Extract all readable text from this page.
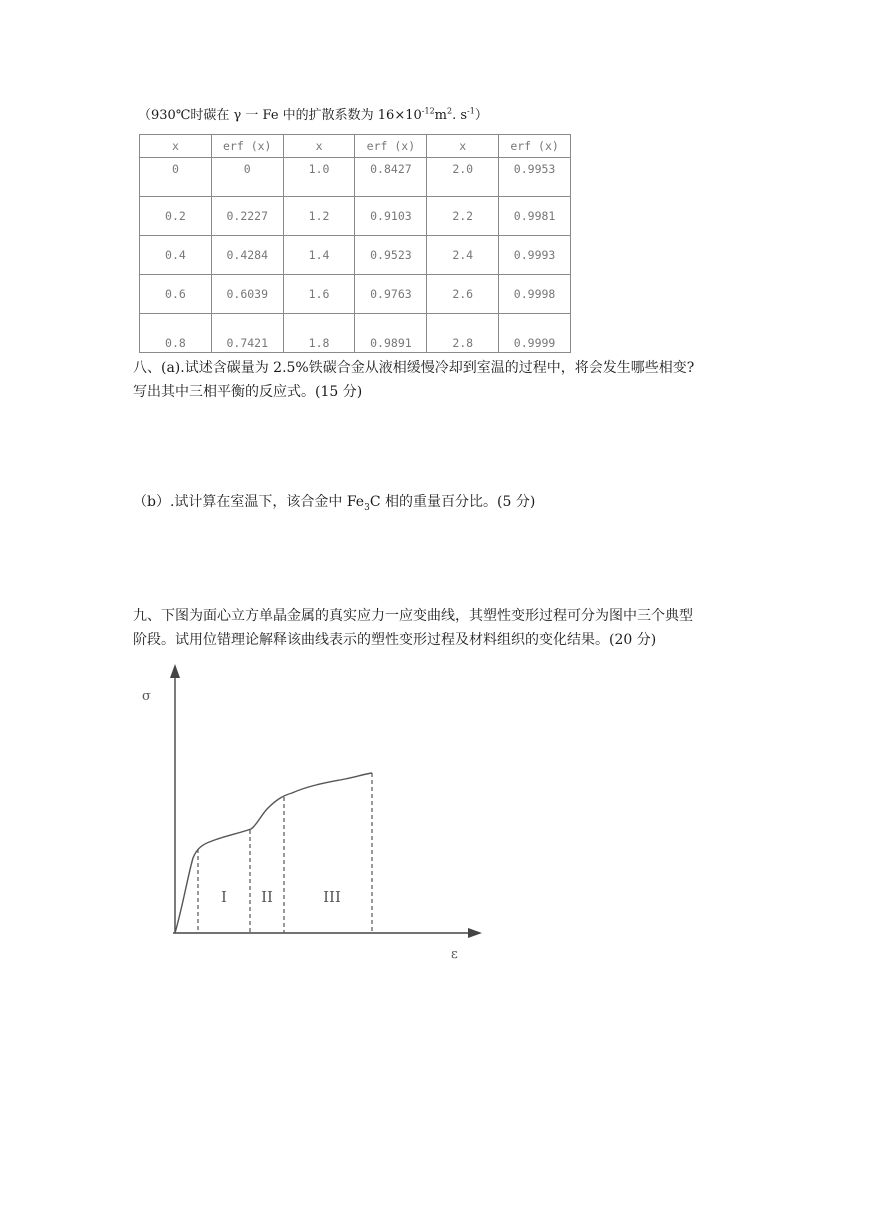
（930℃时碳在 γ 一 Fe 中的扩散系数为 $16\times 10^{-12}m^2$. $s^{-1}$）
x	erf (x)	x	erf (x)	x	erf (x)
0	0	1.0	0.8427	2.0	0.9953
0.2	0.2227	1.2	0.9103	2.2	0.9981
0.4	0.4284	1.4	0.9523	2.4	0.9993
0.6	0.6039	1.6	0.9763	2.6	0.9998
0.8	0.7421	1.8	0.9891	2.8	0.9999
八、(a).试述含碳量为 2.5%铁碳合金从液相缓慢冷却到室温的过程中，将会发生哪些相变?
写出其中三相平衡的反应式。(15 分)
（b）.试计算在室温下，该合金中 $Fe_3C$ 相的重量百分比。(5 分)
九、下图为面心立方单晶金属的真实应力一应变曲线，其塑性变形过程可分为图中三个典型
阶段。试用位错理论解释该曲线表示的塑性变形过程及材料组织的变化结果。(20 分)
σ
ε
I II	III
